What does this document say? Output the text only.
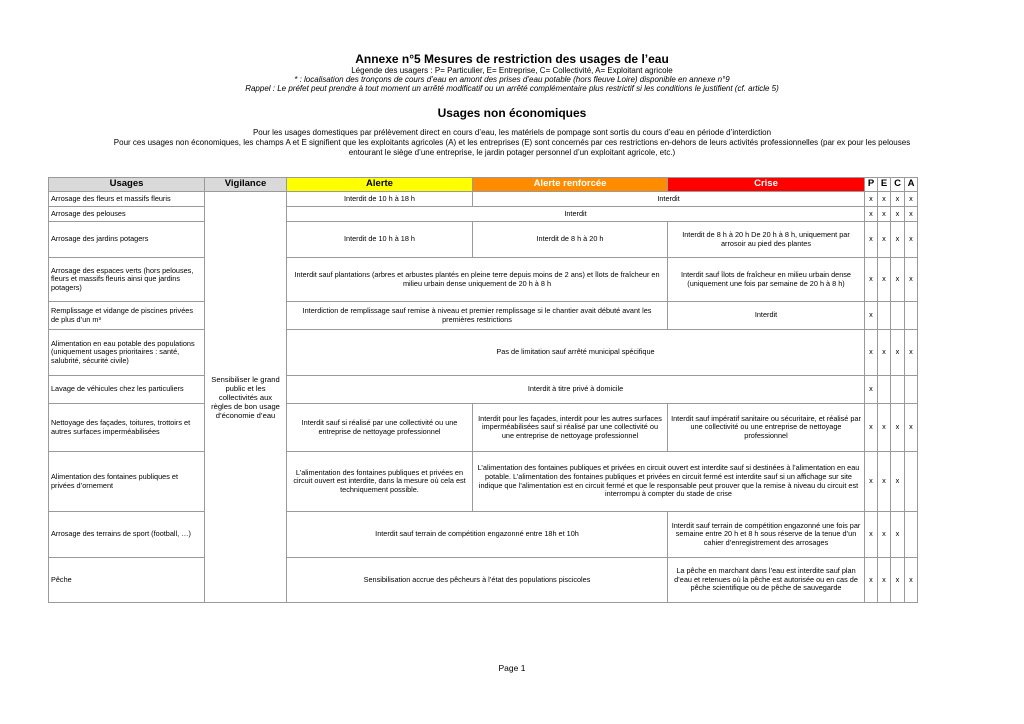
Annexe n°5 Mesures de restriction des usages de l’eau
Légende des usagers : P= Particulier, E= Entreprise, C= Collectivité, A= Exploitant agricole
* : localisation des tronçons de cours d’eau en amont des prises d’eau potable (hors fleuve Loire) disponible en annexe n°9
Rappel : Le préfet peut prendre à tout moment un arrêté modificatif ou un arrêté complémentaire plus restrictif si les conditions le justifient (cf. article 5)
Usages non économiques
Pour les usages domestiques par prélèvement direct en cours d’eau, les matériels de pompage sont sortis du cours d’eau en période d’interdiction
Pour ces usages non économiques, les champs A et E signifient que les exploitants agricoles (A) et les entreprises (E) sont concernés par ces restrictions en-dehors de leurs activités professionnelles (par ex pour les pelouses
entourant le siège d’une entreprise, le jardin potager personnel d’un exploitant agricole, etc.)
Usages	Vigilance	Alerte	Alerte renforcée	Crise	P	E	C	A
Arrosage des fleurs et massifs fleuris	Sensibiliser le grand public et les collectivités aux règles de bon usage d’économie d’eau	Interdit de 10 h à 18 h	Interdit		x	x	x	x
Arrosage des pelouses		Interdit			x	x	x	x
Arrosage des jardins potagers		Interdit de 10 h à 18 h	Interdit de 8 h à 20 h	Interdit de 8 h à 20 h De 20 h à 8 h, uniquement par arrosoir au pied des plantes	x	x	x	x
Arrosage des espaces verts (hors pelouses, fleurs et massifs fleuris ainsi que jardins potagers)		Interdit sauf plantations (arbres et arbustes plantés en pleine terre depuis moins de 2 ans) et îlots de fraîcheur en milieu urbain dense uniquement de 20 h à 8 h		Interdit sauf îlots de fraîcheur en milieu urbain dense (uniquement une fois par semaine de 20 h à 8 h)	x	x	x	x
Remplissage et vidange de piscines privées de plus d’un m³		Interdiction de remplissage sauf remise à niveau et premier remplissage si le chantier avait débuté avant les premières restrictions		Interdit	x			
Alimentation en eau potable des populations (uniquement usages prioritaires : santé, salubrité, sécurité civile)		Pas de limitation sauf arrêté municipal spécifique			x	x	x	x
Lavage de véhicules chez les particuliers		Interdit à titre privé à domicile			x			
Nettoyage des façades, toitures, trottoirs et autres surfaces imperméabilisées		Interdit sauf si réalisé par une collectivité ou une entreprise de nettoyage professionnel	Interdit pour les façades, interdit pour les autres surfaces imperméabilisées sauf si réalisé par une collectivité ou une entreprise de nettoyage professionnel	Interdit sauf impératif sanitaire ou sécuritaire, et réalisé par une collectivité ou une entreprise de nettoyage professionnel	x	x	x	x
Alimentation des fontaines publiques et privées d’ornement		L’alimentation des fontaines publiques et privées en circuit ouvert est interdite, dans la mesure où cela est techniquement possible.	L’alimentation des fontaines publiques et privées en circuit ouvert est interdite sauf si destinées à l’alimentation en eau potable. L’alimentation des fontaines publiques et privées en circuit fermé est interdite sauf si un affichage sur site indique que l’alimentation est en circuit fermé et que le responsable peut prouver que la remise à niveau du circuit est interrompu à compter du stade de crise		x	x	x	
Arrosage des terrains de sport (football, …)		Interdit sauf terrain de compétition engazonné entre 18h et 10h		Interdit sauf terrain de compétition engazonné une fois par semaine entre 20 h et 8 h sous réserve de la tenue d’un cahier d’enregistrement des arrosages	x	x	x	
Pêche		Sensibilisation accrue des pêcheurs à l’état des populations piscicoles		La pêche en marchant dans l’eau est interdite sauf plan d’eau et retenues où la pêche est autorisée ou en cas de pêche scientifique ou de pêche de sauvegarde	x	x	x	x
Page 1
